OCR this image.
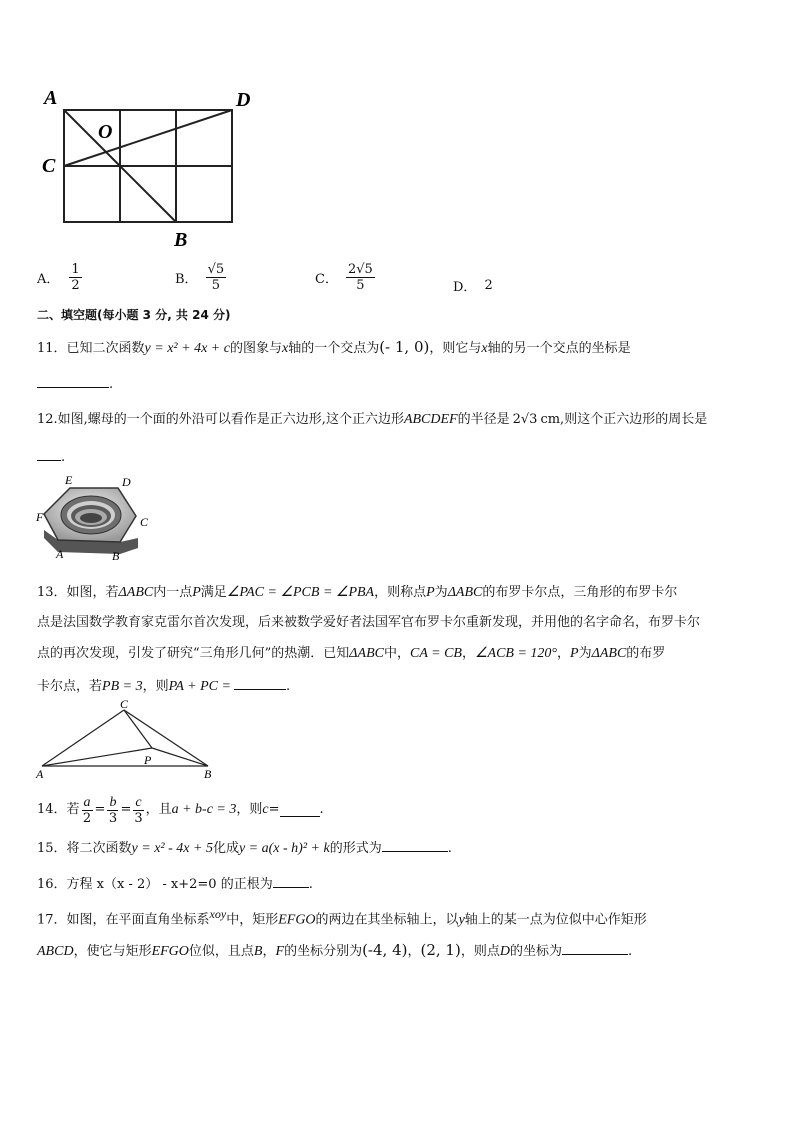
A	D
O
C
B
A． $\frac{1}{2}$	B． $\frac{√5}{5}$	C． $\frac{2√5}{5}$	D． 2
二、填空题(每小题 3 分, 共 24 分)
11．已知二次函数y = x² + 4x + c的图象与x轴的一个交点为(- 1, 0)，则它与x轴的另一个交点的坐标是
.
12.如图,螺母的一个面的外沿可以看作是正六边形,这个正六边形ABCDEF的半径是 2√3 cm,则这个正六边形的周长是
.
E	D
F	C
A	B
13．如图，若ΔABC内一点P满足∠PAC = ∠PCB = ∠PBA，则称点P为ΔABC的布罗卡尔点，三角形的布罗卡尔
点是法国数学教育家克雷尔首次发现，后来被数学爱好者法国军官布罗卡尔重新发现，并用他的名字命名，布罗卡尔
点的再次发现，引发了研究“三角形几何”的热潮．已知ΔABC中，CA = CB，∠ACB = 120°，P为ΔABC的布罗
卡尔点，若PB = 3，则PA + PC =	.
C
P
A	B
14．若 $\frac{a}{2} = \frac{b}{3} = \frac{c}{3}$ ，且 a + b-c = 3 ，则 c =	.
15．将二次函数y = x² - 4x + 5化成y = a(x - h)² + k的形式为	.
16．方程 x（x - 2） - x+2=0 的正根为	.
17．如图，在平面直角坐标系xoy中，矩形EFGO的两边在其坐标轴上，以y轴上的某一点为位似中心作矩形
ABCD，使它与矩形EFGO位似，且点B，F的坐标分别为(-4, 4)，(2, 1)，则点D的坐标为	.
